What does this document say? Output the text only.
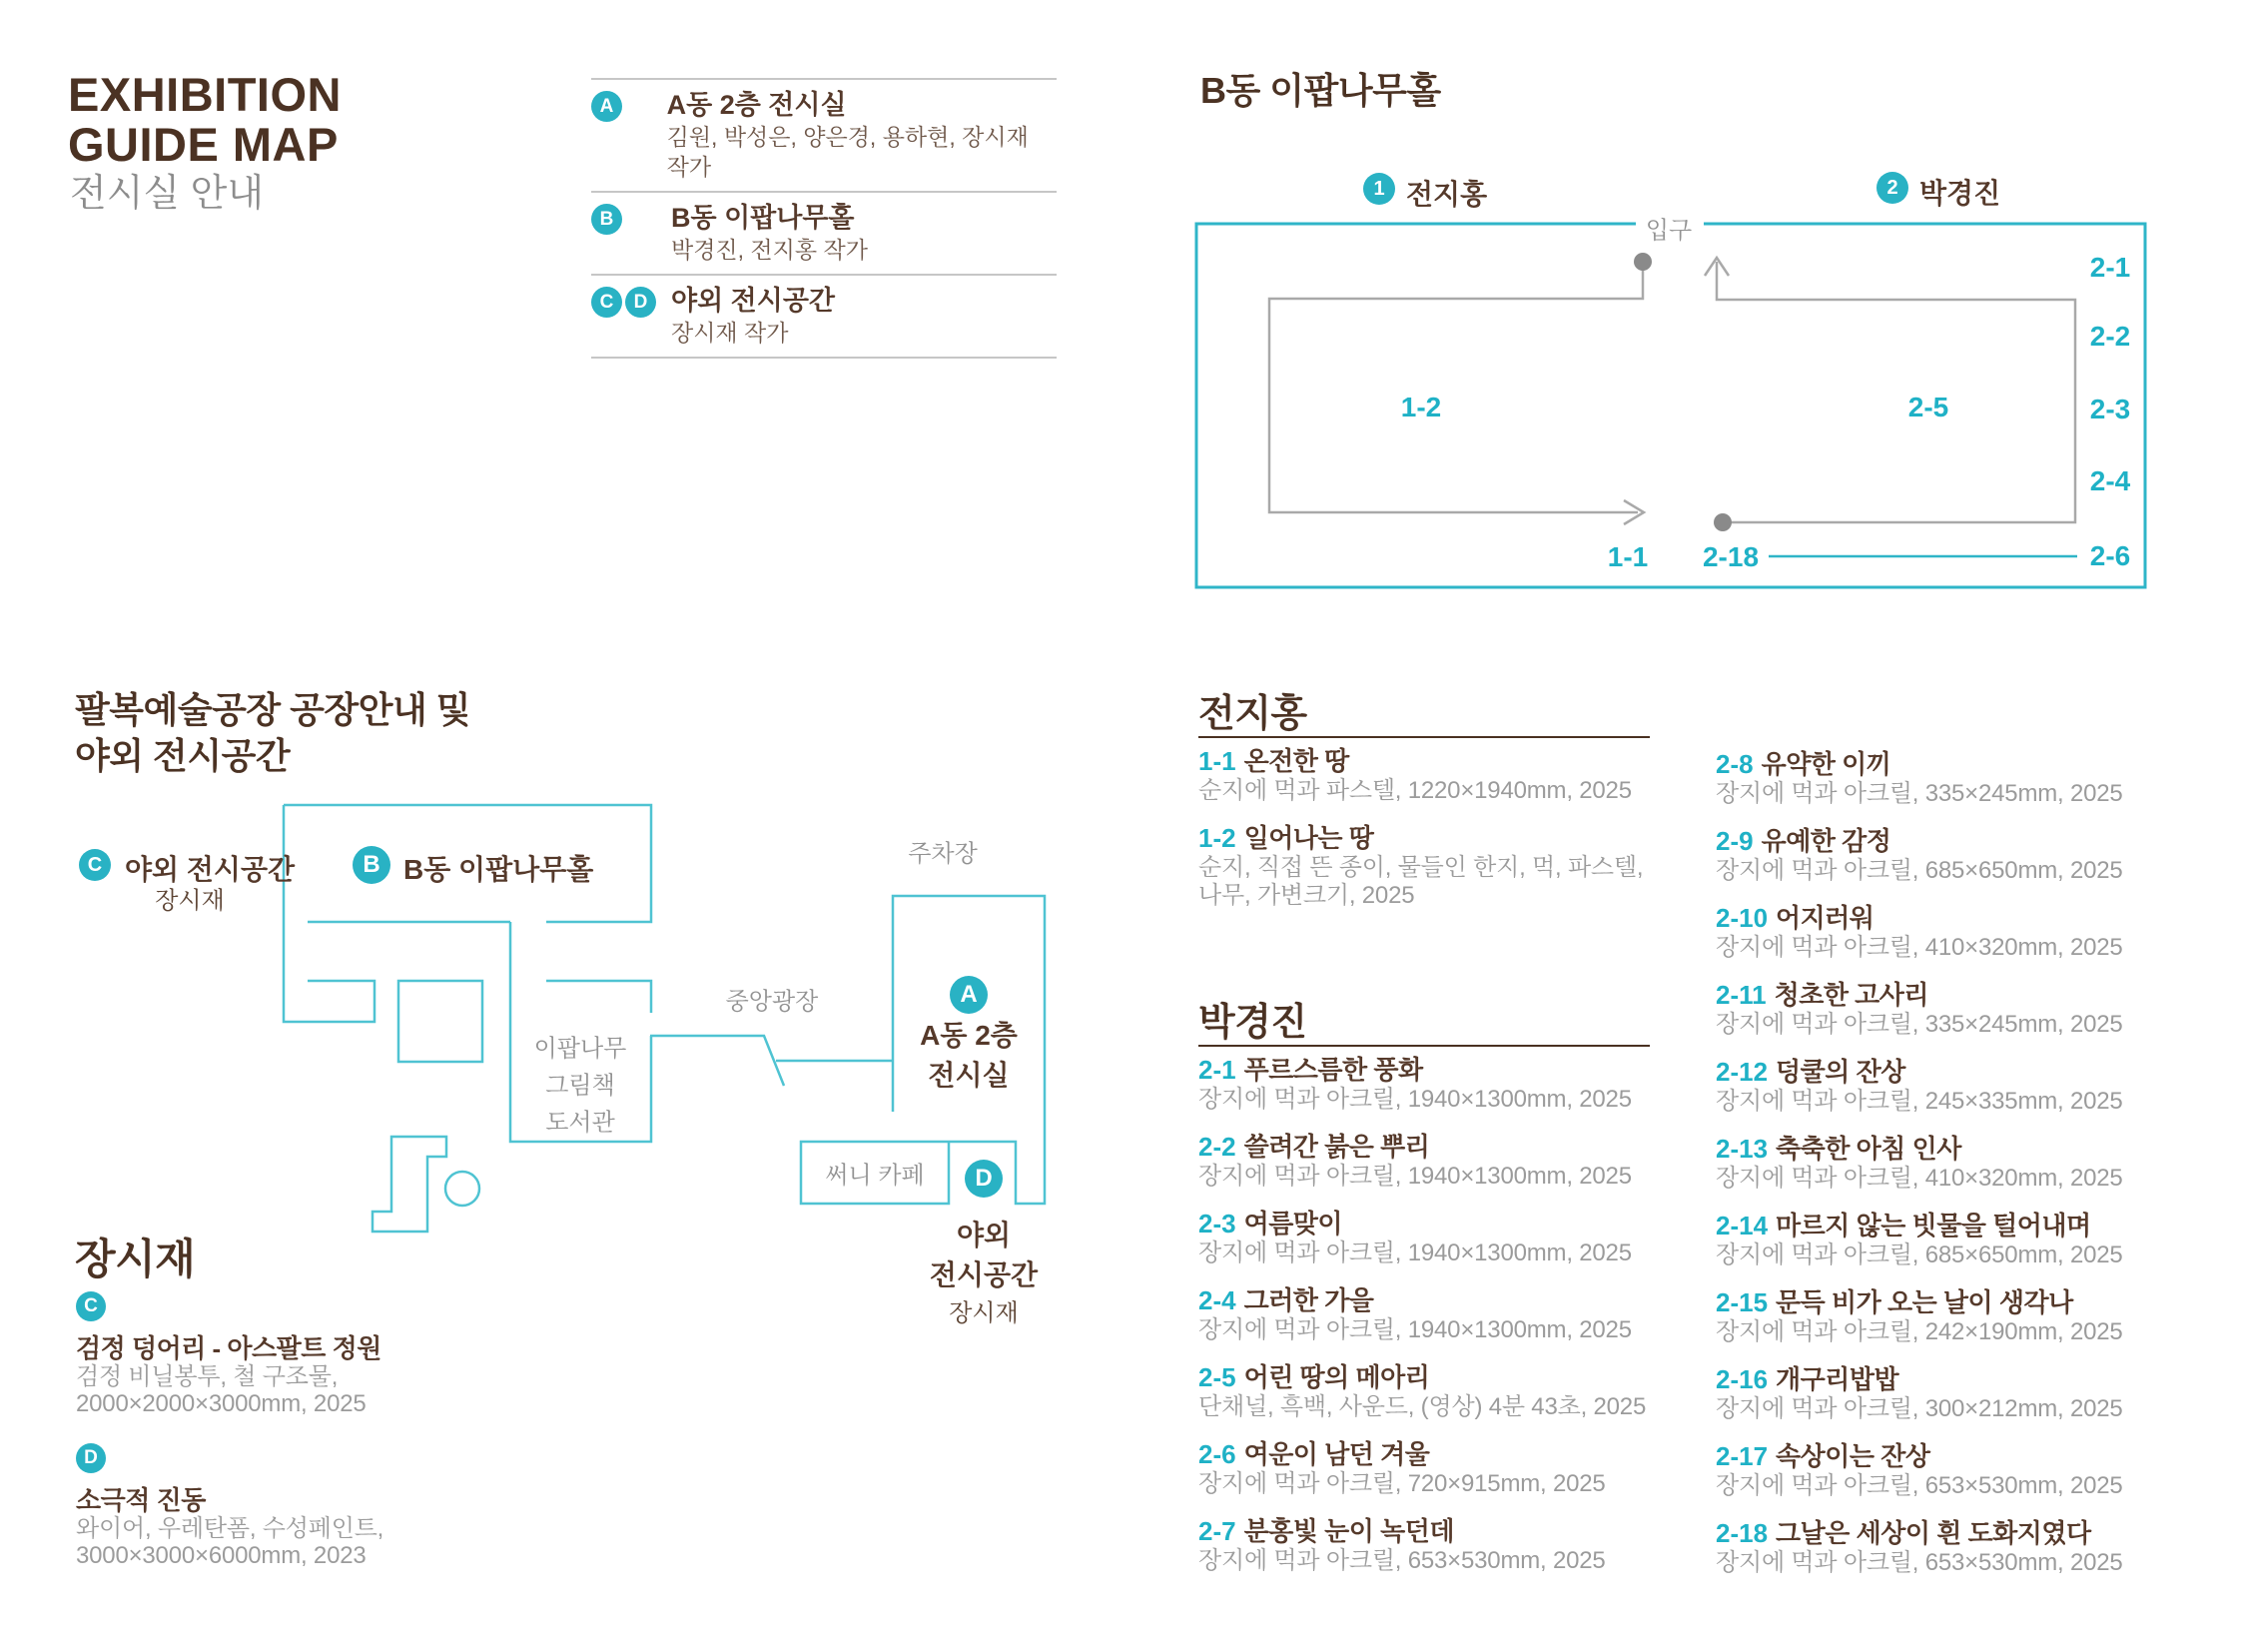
EXHIBITION
GUIDE MAP
전시실 안내
A	A동 2층 전시실
김원, 박성은, 양은경, 용하현, 장시재 작가
B	B동 이팝나무홀
박경진, 전지홍 작가
C	D 야외 전시공간
장시재 작가
B동 이팝나무홀
1 전지홍	2 박경진
입구
1-2	2-5
2-1
2-2
2-3
2-4
2-6
1-1 2-18
팔복예술공장 공장안내 및
야외 전시공간
C 야외 전시공간
장시재
B B동 이팝나무홀
A
A동 2층
전시실
D
야외
전시공간
장시재
주차장
중앙광장
이팝나무
그림책
도서관
써니 카페
장시재
C
검정 덩어리 - 아스팔트 정원
검정 비닐봉투, 철 구조물,
2000×2000×3000mm, 2025
D
소극적 진동
와이어, 우레탄폼, 수성페인트,
3000×3000×6000mm, 2023
전지홍
1-1 온전한 땅
순지에 먹과 파스텔, 1220×1940mm, 2025
1-2 일어나는 땅
순지, 직접 뜬 종이, 물들인 한지, 먹, 파스텔,
나무, 가변크기, 2025
박경진
2-1 푸르스름한 풍화
장지에 먹과 아크릴, 1940×1300mm, 2025
2-2 쓸려간 붉은 뿌리
장지에 먹과 아크릴, 1940×1300mm, 2025
2-3 여름맞이
장지에 먹과 아크릴, 1940×1300mm, 2025
2-4 그러한 가을
장지에 먹과 아크릴, 1940×1300mm, 2025
2-5 어린 땅의 메아리
단채널, 흑백, 사운드, (영상) 4분 43초, 2025
2-6 여운이 남던 겨울
장지에 먹과 아크릴, 720×915mm, 2025
2-7 분홍빛 눈이 녹던데
장지에 먹과 아크릴, 653×530mm, 2025
2-8 유약한 이끼
장지에 먹과 아크릴, 335×245mm, 2025
2-9 유예한 감정
장지에 먹과 아크릴, 685×650mm, 2025
2-10 어지러워
장지에 먹과 아크릴, 410×320mm, 2025
2-11 청초한 고사리
장지에 먹과 아크릴, 335×245mm, 2025
2-12 덩쿨의 잔상
장지에 먹과 아크릴, 245×335mm, 2025
2-13 축축한 아침 인사
장지에 먹과 아크릴, 410×320mm, 2025
2-14 마르지 않는 빗물을 털어내며
장지에 먹과 아크릴, 685×650mm, 2025
2-15 문득 비가 오는 날이 생각나
장지에 먹과 아크릴, 242×190mm, 2025
2-16 개구리밥밥
장지에 먹과 아크릴, 300×212mm, 2025
2-17 속상이는 잔상
장지에 먹과 아크릴, 653×530mm, 2025
2-18 그날은 세상이 흰 도화지였다
장지에 먹과 아크릴, 653×530mm, 2025
